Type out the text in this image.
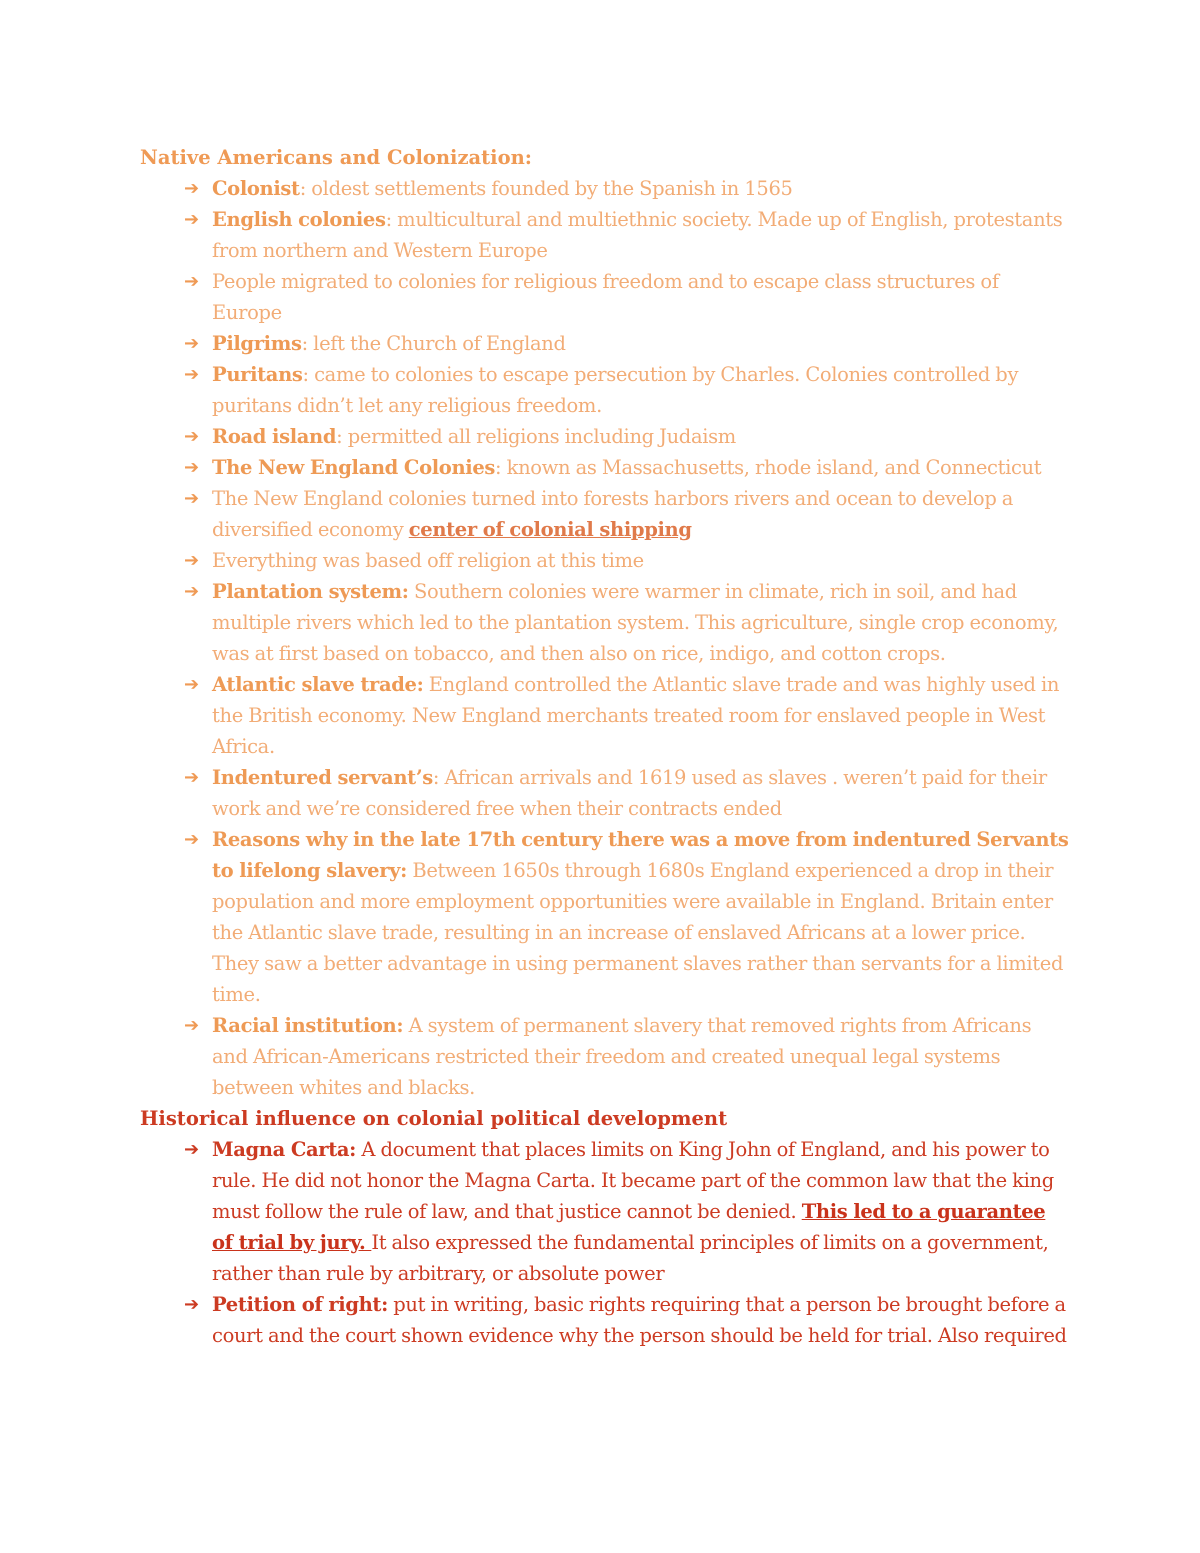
Native Americans and Colonization:
➔ Colonist: oldest settlements founded by the Spanish in 1565
➔ English colonies: multicultural and multiethnic society. Made up of English, protestants from northern and Western Europe
➔ People migrated to colonies for religious freedom and to escape class structures of Europe
➔ Pilgrims: left the Church of England
➔ Puritans: came to colonies to escape persecution by Charles. Colonies controlled by puritans didn’t let any religious freedom.
➔ Road island: permitted all religions including Judaism
➔ The New England Colonies: known as Massachusetts, rhode island, and Connecticut
➔ The New England colonies turned into forests harbors rivers and ocean to develop a diversified economy center of colonial shipping
➔ Everything was based off religion at this time
➔ Plantation system: Southern colonies were warmer in climate, rich in soil, and had multiple rivers which led to the plantation system. This agriculture, single crop economy, was at first based on tobacco, and then also on rice, indigo, and cotton crops.
➔ Atlantic slave trade: England controlled the Atlantic slave trade and was highly used in the British economy. New England merchants treated room for enslaved people in West Africa.
➔ Indentured servant’s: African arrivals and 1619 used as slaves . weren’t paid for their work and we’re considered free when their contracts ended
➔ Reasons why in the late 17th century there was a move from indentured Servants to lifelong slavery: Between 1650s through 1680s England experienced a drop in their population and more employment opportunities were available in England. Britain enter the Atlantic slave trade, resulting in an increase of enslaved Africans at a lower price. They saw a better advantage in using permanent slaves rather than servants for a limited time.
➔ Racial institution: A system of permanent slavery that removed rights from Africans and African-Americans restricted their freedom and created unequal legal systems between whites and blacks.
Historical influence on colonial political development
➔ Magna Carta: A document that places limits on King John of England, and his power to rule. He did not honor the Magna Carta. It became part of the common law that the king must follow the rule of law, and that justice cannot be denied. This led to a guarantee of trial by jury. It also expressed the fundamental principles of limits on a government, rather than rule by arbitrary, or absolute power
➔ Petition of right: put in writing, basic rights requiring that a person be brought before a court and the court shown evidence why the person should be held for trial. Also required
